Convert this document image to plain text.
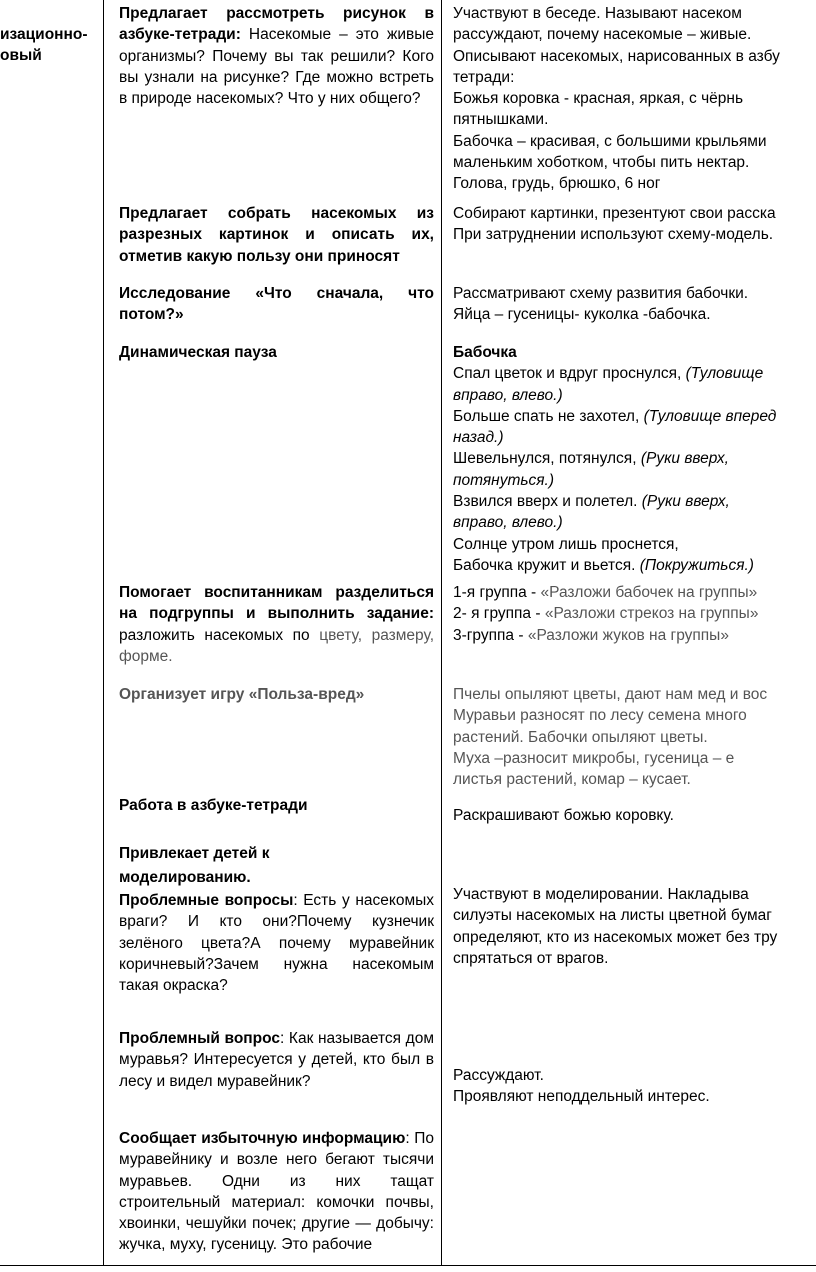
изационно-
овый
Предлагает рассмотреть рисунок в азбуке-тетради: Насекомые – это живые организмы? Почему вы так решили? Кого вы узнали на рисунке? Где можно встреть в природе насекомых? Что у них общего?
Предлагает собрать насекомых из разрезных картинок и описать их, отметив какую пользу они приносят
Исследование «Что сначала, что потом?»
Динамическая пауза
Помогает воспитанникам разделиться на подгруппы и выполнить задание: разложить насекомых по цвету, размеру, форме.
Организует игру «Польза-вред»
Работа в азбуке-тетради
Привлекает детей к
моделированию.
Проблемные вопросы: Есть у насекомых враги? И кто они?Почему кузнечик зелёного цвета?А почему муравейник коричневый?Зачем нужна насекомым такая окраска?
Проблемный вопрос: Как называется дом муравья? Интересуется у детей, кто был в лесу и видел муравейник?
Сообщает избыточную информацию: По муравейнику и возле него бегают тысячи муравьев. Одни из них тащат строительный материал: комочки почвы, хвоинки, чешуйки почек; другие — добычу: жучка, муху, гусеницу. Это рабочие
Участвуют в беседе. Называют насеком
рассуждают, почему насекомые – живые.
Описывают насекомых, нарисованных в азбу
тетради:
Божья коровка - красная, яркая, с чёрнь
пятнышками.
Бабочка – красивая, с большими крыльями
маленьким хоботком, чтобы пить нектар.
Голова, грудь, брюшко, 6 ног
Собирают картинки, презентуют свои расска
При затруднении используют схему-модель.
Рассматривают схему развития бабочки.
Яйца – гусеницы- куколка -бабочка.
Бабочка
Спал цветок и вдруг проснулся, (Туловище
вправо, влево.)
Больше спать не захотел, (Туловище вперед
назад.)
Шевельнулся, потянулся, (Руки вверх,
потянуться.)
Взвился вверх и полетел. (Руки вверх,
вправо, влево.)
Солнце утром лишь проснется,
Бабочка кружит и вьется. (Покружиться.)
1-я группа - «Разложи бабочек на группы»
2- я группа - «Разложи стрекоз на группы»
3-группа - «Разложи жуков на группы»
Пчелы опыляют цветы, дают нам мед и вос
Муравьи разносят по лесу семена много
растений. Бабочки опыляют цветы.
Муха –разносит микробы, гусеница – е
листья растений, комар – кусает.
Раскрашивают божью коровку.
Участвуют в моделировании. Накладыва
силуэты насекомых на листы цветной бумаг
определяют, кто из насекомых может без тру
спрятаться от врагов.
Рассуждают.
Проявляют неподдельный интерес.
